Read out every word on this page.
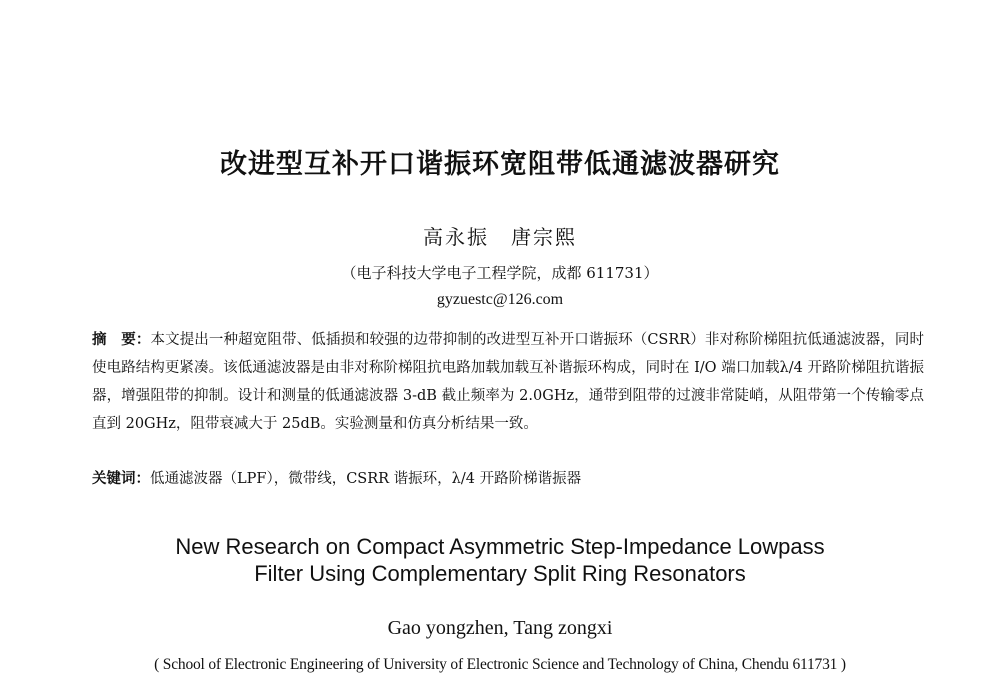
改进型互补开口谐振环宽阻带低通滤波器研究
高永振 唐宗熙
（电子科技大学电子工程学院，成都 611731）
gyzuestc@126.com
摘　要：本文提出一种超宽阻带、低插损和较强的边带抑制的改进型互补开口谐振环（CSRR）非对称阶梯阻抗低通滤波器，同时使电路结构更紧凑。该低通滤波器是由非对称阶梯阻抗电路加载加载互补谐振环构成，同时在 I/O 端口加载λ/4 开路阶梯阻抗谐振器，增强阻带的抑制。设计和测量的低通滤波器 3-dB 截止频率为 2.0GHz，通带到阻带的过渡非常陡峭，从阻带第一个传输零点直到 20GHz，阻带衰减大于 25dB。实验测量和仿真分析结果一致。
关键词：低通滤波器（LPF），微带线，CSRR 谐振环，λ/4 开路阶梯谐振器
New Research on Compact Asymmetric Step-Impedance Lowpass
Filter Using Complementary Split Ring Resonators
Gao yongzhen, Tang zongxi
( School of Electronic Engineering of University of Electronic Science and Technology of China, Chendu 611731 )
